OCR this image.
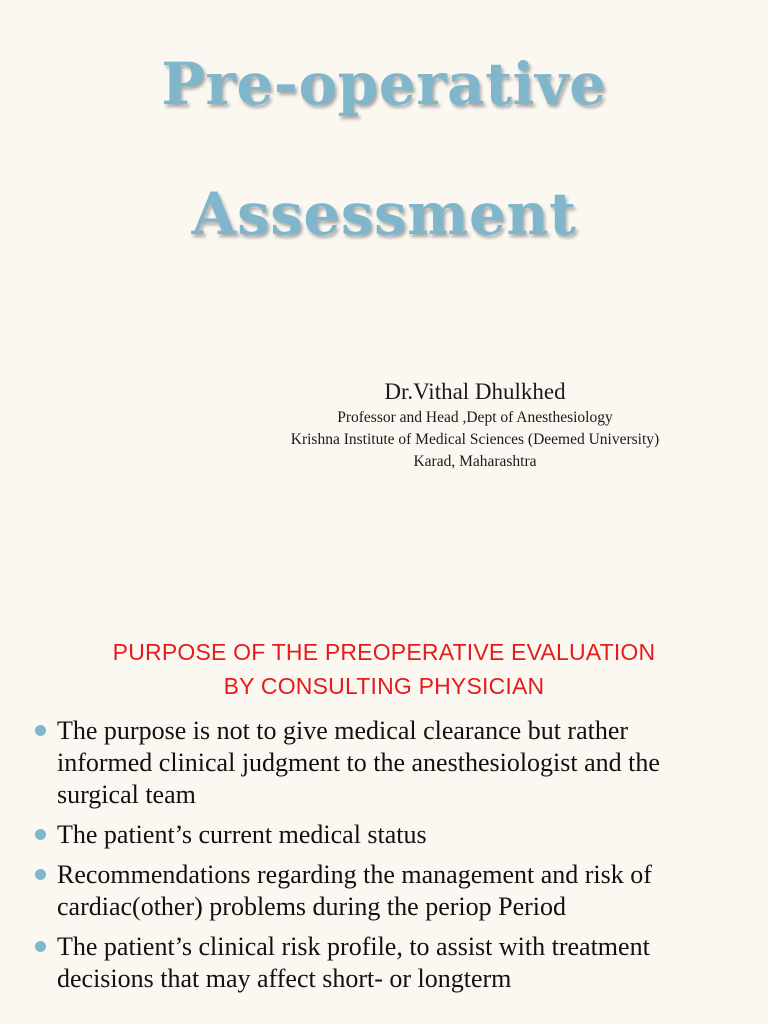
Pre-operative
Assessment
Dr.Vithal Dhulkhed
Professor and Head ,Dept of Anesthesiology
Krishna Institute of Medical Sciences (Deemed University)
Karad, Maharashtra
PURPOSE OF THE PREOPERATIVE EVALUATION
BY CONSULTING PHYSICIAN
The purpose is not to give medical clearance but rather informed clinical judgment to the anesthesiologist and the surgical team
The patient’s current medical status
Recommendations regarding the management and risk of cardiac(other) problems during the periop Period
The patient’s clinical risk profile, to assist with treatment decisions that may affect short- or longterm
